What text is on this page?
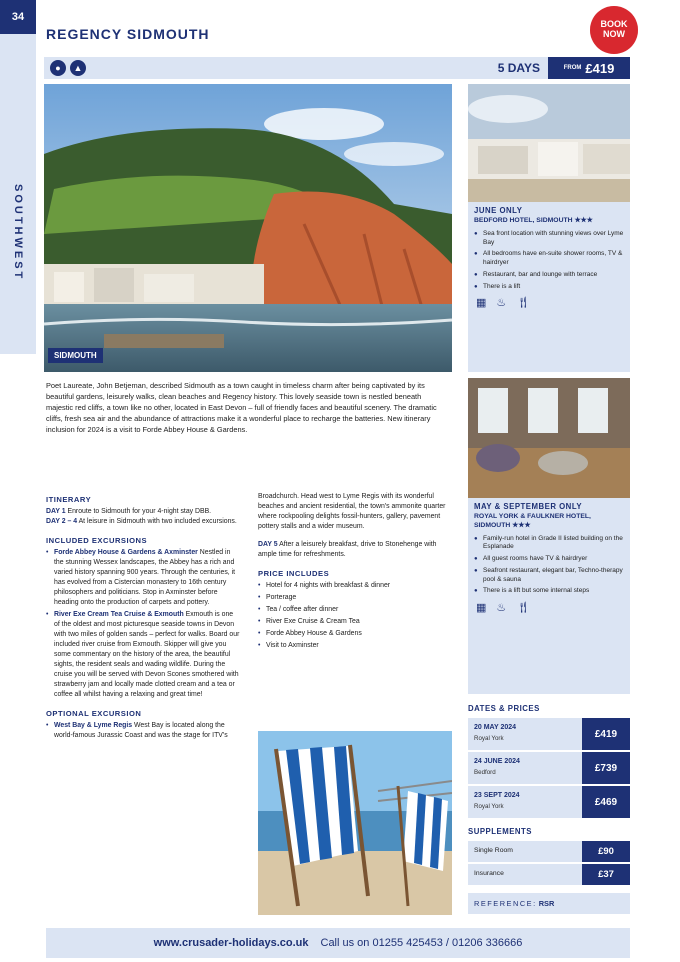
34
SOUTHWEST
REGENCY SIDMOUTH
BOOK
NOW
●	▲	5 DAYS	FROM £419
SIDMOUTH

Poet Laureate, John Betjeman, described Sidmouth as a town caught in timeless charm after being captivated by its beautiful gardens, leisurely walks, clean beaches and Regency history. This lovely seaside town is nestled beneath majestic red cliffs, a town like no other, located in East Devon – full of friendly faces and beautiful scenery. The dramatic cliffs, fresh sea air and the abundance of attractions make it a wonderful place to recharge the batteries. New itinerary inclusion for 2024 is a visit to Forde Abbey House & Gardens.

ITINERARY
DAY 1 Enroute to Sidmouth for your 4-night stay DBB.
DAY 2 – 4 At leisure in Sidmouth with two included excursions.
INCLUDED EXCURSIONS
• Forde Abbey House & Gardens & Axminster Nestled in the stunning Wessex landscapes, the Abbey has a rich and varied history spanning 900 years. Through the centuries, it has evolved from a Cistercian monastery to 16th century philosophers and politicians. Stop in Axminster before heading onto the production of carpets and pottery.
• River Exe Cream Tea Cruise & Exmouth Exmouth is one of the oldest and most picturesque seaside towns in Devon with two miles of golden sands – perfect for walks. Board our included river cruise from Exmouth. Skipper will give you some commentary on the history of the area, the beautiful sights, the resident seals and wading wildlife. During the cruise you will be served with Devon Scones smothered with strawberry jam and locally made clotted cream and a tea or coffee all whilst having a relaxing and great time!
OPTIONAL EXCURSION
• West Bay & Lyme Regis West Bay is located along the world-famous Jurassic Coast and was the stage for ITV's
Broadchurch. Head west to Lyme Regis with its wonderful beaches and ancient residential, the town's ammonite quarter where rockpooling delights fossil-hunters, gallery, pavement pottery stalls and a wider museum.
DAY 5 After a leisurely breakfast, drive to Stonehenge with ample time for refreshments.
PRICE INCLUDES
• Hotel for 4 nights with breakfast & dinner
• Porterage
• Tea / coffee after dinner
• River Exe Cruise & Cream Tea
• Forde Abbey House & Gardens
• Visit to Axminster
JUNE ONLY
BEDFORD HOTEL, SIDMOUTH ★★★
● Sea front location with stunning views over Lyme Bay
● All bedrooms have en-suite shower rooms, TV & hairdryer
● Restaurant, bar and lounge with terrace
● There is a lift
▦ ♨ 🍴︎
MAY & SEPTEMBER ONLY
ROYAL YORK & FAULKNER HOTEL, SIDMOUTH ★★★
● Family-run hotel in Grade II listed building on the Esplanade
● All guest rooms have TV & hairdryer
● Seafront restaurant, elegant bar, Techno-therapy pool & sauna
● There is a lift but some internal steps
▦ ♨ 🍴︎
DATES & PRICES
20 MAY 2024
Royal York	£419
24 JUNE 2024
Bedford	£739
23 SEPT 2024
Royal York	£469
SUPPLEMENTS
Single Room	£90
Insurance	£37
REFERENCE: RSR
www.crusader-holidays.co.uk Call us on 01255 425453 / 01206 336666
